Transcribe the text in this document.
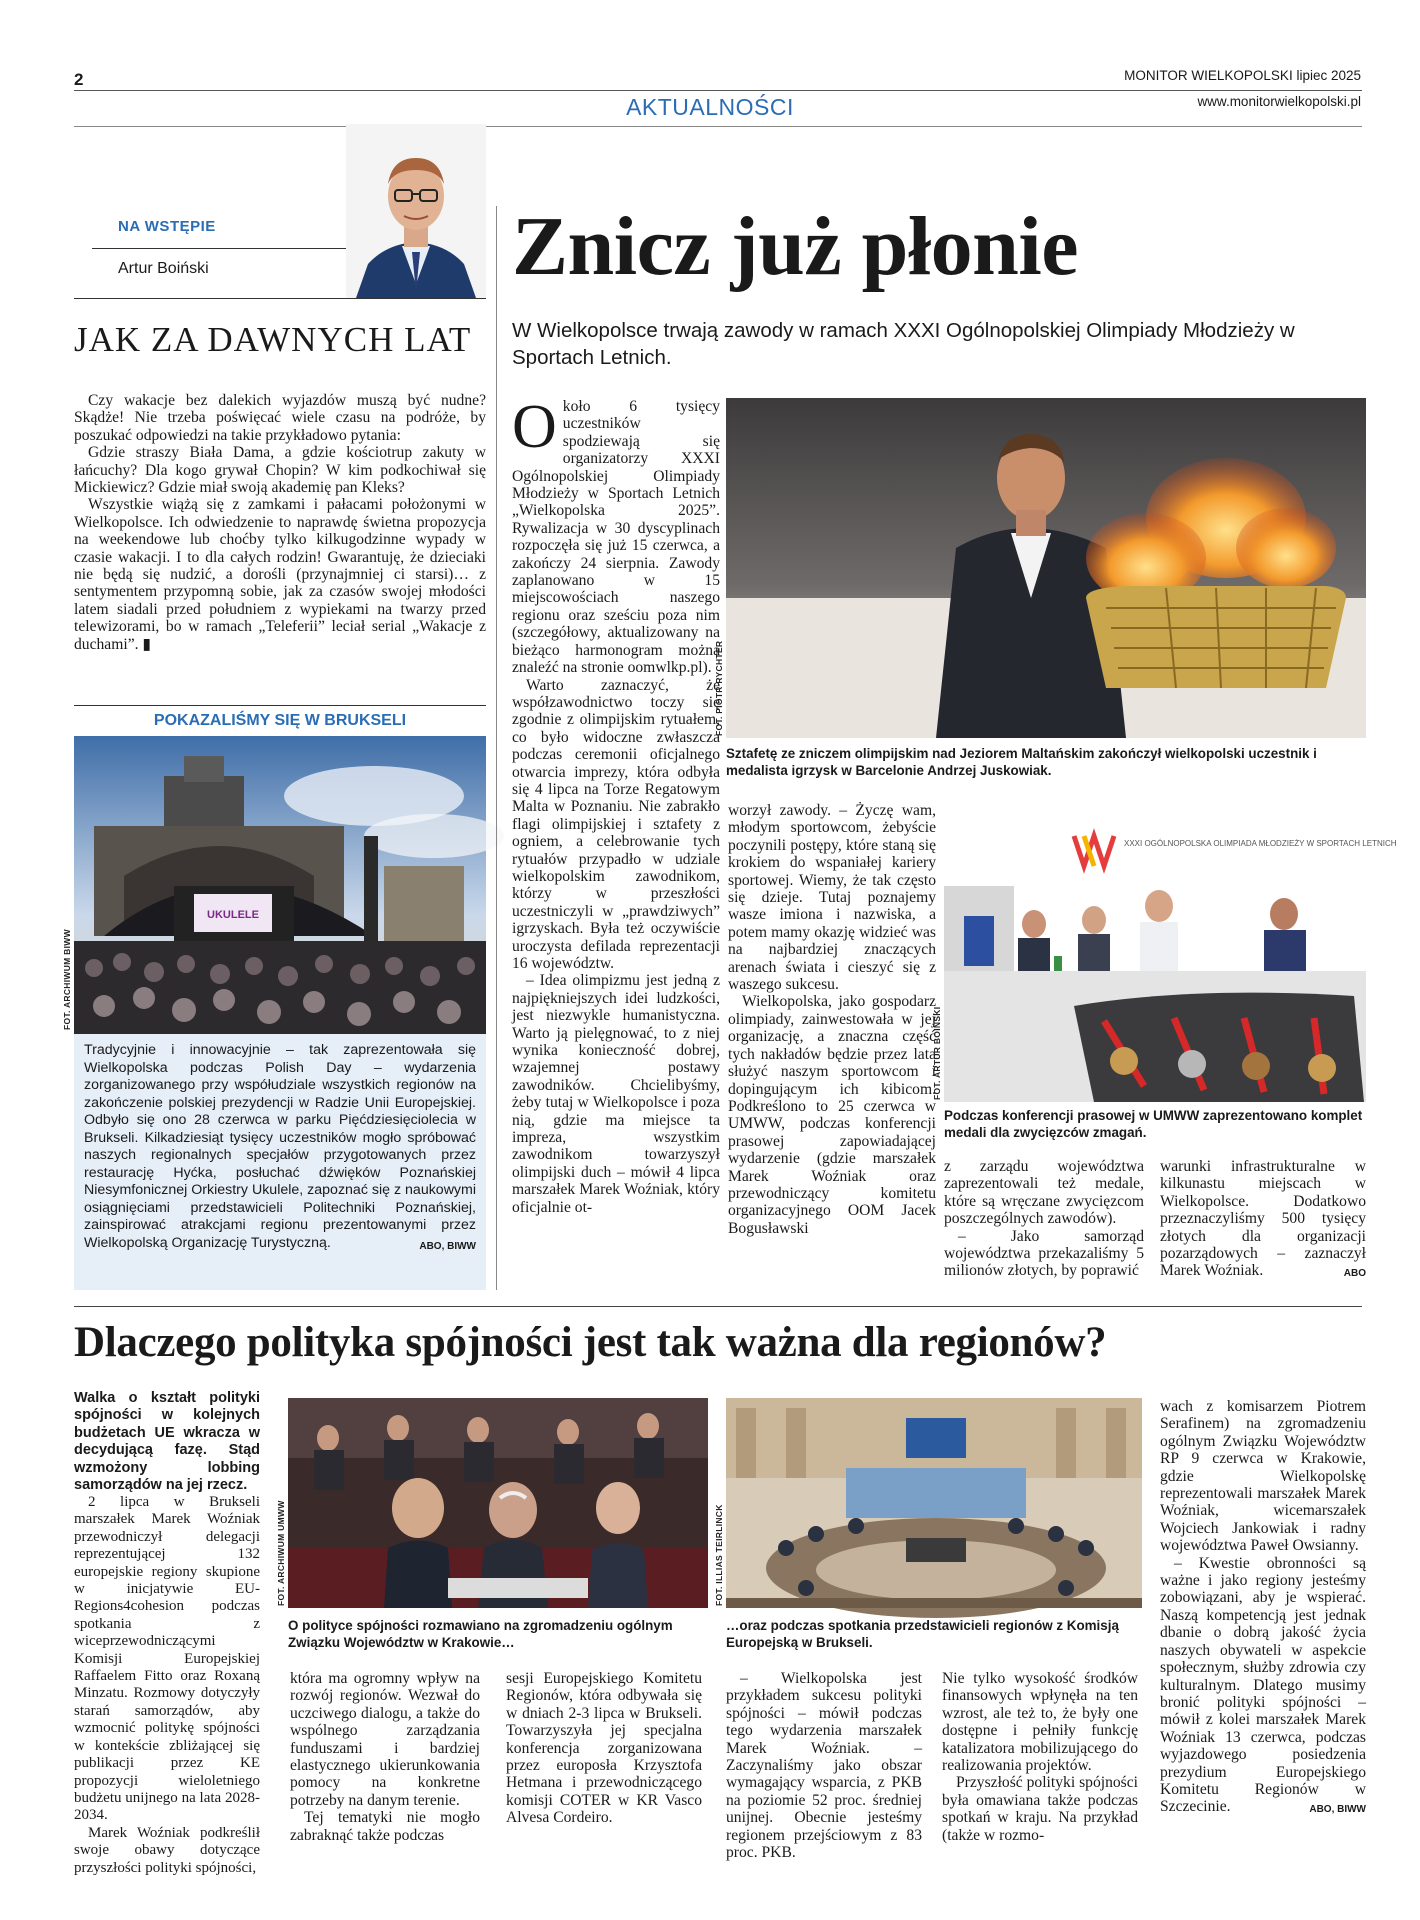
2	MONITOR WIELKOPOLSKI lipiec 2025
AKTUALNOŚCI	www.monitorwielkopolski.pl
NA WSTĘPIE
Artur Boiński
JAK ZA DAWNYCH LAT

Czy wakacje bez dalekich wyjazdów muszą być nudne? Skądże! Nie trzeba poświęcać wiele czasu na podróże, by poszukać odpowiedzi na takie przykładowo pytania:

Gdzie straszy Biała Dama, a gdzie kościotrup zakuty w łańcuchy? Dla kogo grywał Chopin? W kim podkochiwał się Mickiewicz? Gdzie miał swoją akademię pan Kleks?

Wszystkie wiążą się z zamkami i pałacami położonymi w Wielkopolsce. Ich odwiedzenie to naprawdę świetna propozycja na weekendowe lub choćby tylko kilkugodzinne wypady w czasie wakacji. I to dla całych rodzin! Gwarantuję, że dzieciaki nie będą się nudzić, a dorośli (przynajmniej ci starsi)… z sentymentem przypomną sobie, jak za czasów swojej młodości latem siadali przed południem z wypiekami na twarzy przed telewizorami, bo w ramach „Teleferii” leciał serial „Wakacje z duchami”. ▮

POKAZALIŚMY SIĘ W BRUKSELI
UKULELE
FOT. ARCHIWUM BIWW
Tradycyjnie i innowacyjnie – tak zaprezentowała się Wielkopolska podczas Polish Day – wydarzenia zorganizowanego przy współudziale wszystkich regionów na zakończenie polskiej prezydencji w Radzie Unii Europejskiej. Odbyło się ono 28 czerwca w parku Pięćdziesięciolecia w Brukseli. Kilkadziesiąt tysięcy uczestników mogło spróbować naszych regionalnych specjałów przygotowanych przez restaurację Hyćka, posłuchać dźwięków Poznańskiej Niesymfonicznej Orkiestry Ukulele, zapoznać się z naukowymi osiągnięciami przedstawicieli Politechniki Poznańskiej, zainspirować atrakcjami regionu prezentowanymi przez Wielkopolską Organizację Turystyczną.	ABO, BIWW
Znicz już płonie
W Wielkopolsce trwają zawody w ramach XXXI Ogólnopolskiej Olimpiady Młodzieży w Sportach Letnich.

Około 6 tysięcy uczestników spodziewają się organizatorzy XXXI Ogólnopolskiej Olimpiady Młodzieży w Sportach Letnich „Wielkopolska 2025”. Rywalizacja w 30 dyscyplinach rozpoczęła się już 15 czerwca, a zakończy 24 sierpnia. Zawody zaplanowano w 15 miejscowościach naszego regionu oraz sześciu poza nim (szczegółowy, aktualizowany na bieżąco harmonogram można znaleźć na stronie oomwlkp.pl).

Warto zaznaczyć, że współzawodnictwo toczy się zgodnie z olimpijskim rytuałem, co było widoczne zwłaszcza podczas ceremonii oficjalnego otwarcia imprezy, która odbyła się 4 lipca na Torze Regatowym Malta w Poznaniu. Nie zabrakło flagi olimpijskiej i sztafety z ogniem, a celebrowanie tych rytuałów przypadło w udziale wielkopolskim zawodnikom, którzy w przeszłości uczestniczyli w „prawdziwych” igrzyskach. Była też oczywiście uroczysta defilada reprezentacji 16 województw.

– Idea olimpizmu jest jedną z najpiękniejszych idei ludzkości, jest niezwykle humanistyczna. Warto ją pielęgnować, to z niej wynika konieczność dobrej, wzajemnej postawy zawodników. Chcielibyśmy, żeby tutaj w Wielkopolsce i poza nią, gdzie ma miejsce ta impreza, wszystkim zawodnikom towarzyszył olimpijski duch – mówił 4 lipca marszałek Marek Woźniak, który oficjalnie ot-

FOT. PIOTR RYCHTER
Sztafetę ze zniczem olimpijskim nad Jeziorem Maltańskim zakończył wielkopolski uczestnik i medalista igrzysk w Barcelonie Andrzej Juskowiak.

worzył zawody. – Życzę wam, młodym sportowcom, żebyście poczynili postępy, które staną się krokiem do wspaniałej kariery sportowej. Wiemy, że tak często się dzieje. Tutaj poznajemy wasze imiona i nazwiska, a potem mamy okazję widzieć was na najbardziej znaczących arenach świata i cieszyć się z waszego sukcesu.

Wielkopolska, jako gospodarz olimpiady, zainwestowała w jej organizację, a znaczna część tych nakładów będzie przez lata służyć naszym sportowcom i dopingującym ich kibicom. Podkreślono to 25 czerwca w UMWW, podczas konferencji prasowej zapowiadającej wydarzenie (gdzie marszałek Marek Woźniak oraz przewodniczący komitetu organizacyjnego OOM Jacek Bogusławski

XXXI OGÓLNOPOLSKA OLIMPIADA MŁODZIEŻY W SPORTACH LETNICH
FOT. ARTUR BOIŃSKI
Podczas konferencji prasowej w UMWW zaprezentowano komplet medali dla zwycięzców zmagań.

z zarządu województwa zaprezentowali też medale, które są wręczane zwycięzcom poszczególnych zawodów).

– Jako samorząd województwa przekazaliśmy 5 milionów złotych, by poprawić

warunki infrastrukturalne w kilkunastu miejscach w Wielkopolsce. Dodatkowo przeznaczyliśmy 500 tysięcy złotych dla organizacji pozarządowych – zaznaczył Marek Woźniak.	ABO

Dlaczego polityka spójności jest tak ważna dla regionów?
Walka o kształt polityki spójności w kolejnych budżetach UE wkracza w decydującą fazę. Stąd wzmożony lobbing samorządów na jej rzecz.

2 lipca w Brukseli marszałek Marek Woźniak przewodniczył delegacji reprezentującej 132 europejskie regiony skupione w inicjatywie EU-Regions4cohesion podczas spotkania z wiceprzewodniczącymi Komisji Europejskiej Raffaelem Fitto oraz Roxaną Minzatu. Rozmowy dotyczyły starań samorządów, aby wzmocnić politykę spójności w kontekście zbliżającej się publikacji przez KE propozycji wieloletniego budżetu unijnego na lata 2028-2034.

Marek Woźniak podkreślił swoje obawy dotyczące przyszłości polityki spójności,

FOT. ARCHIWUM UMWW
O polityce spójności rozmawiano na zgromadzeniu ogólnym Związku Województw w Krakowie…
FOT. ILLIAS TEIRLINCK
…oraz podczas spotkania przedstawicieli regionów z Komisją Europejską w Brukseli.

która ma ogromny wpływ na rozwój regionów. Wezwał do uczciwego dialogu, a także do wspólnego zarządzania funduszami i bardziej elastycznego ukierunkowania pomocy na konkretne potrzeby na danym terenie.

Tej tematyki nie mogło zabraknąć także podczas

sesji Europejskiego Komitetu Regionów, która odbywała się w dniach 2-3 lipca w Brukseli. Towarzyszyła jej specjalna konferencja zorganizowana przez europosła Krzysztofa Hetmana i przewodniczącego komisji COTER w KR Vasco Alvesa Cordeiro.

– Wielkopolska jest przykładem sukcesu polityki spójności – mówił podczas tego wydarzenia marszałek Marek Woźniak. – Zaczynaliśmy jako obszar wymagający wsparcia, z PKB na poziomie 52 proc. średniej unijnej. Obecnie jesteśmy regionem przejściowym z 83 proc. PKB.

Nie tylko wysokość środków finansowych wpłynęła na ten wzrost, ale też to, że były one dostępne i pełniły funkcję katalizatora mobilizującego do realizowania projektów.

Przyszłość polityki spójności była omawiana także podczas spotkań w kraju. Na przykład (także w rozmo-

wach z komisarzem Piotrem Serafinem) na zgromadzeniu ogólnym Związku Województw RP 9 czerwca w Krakowie, gdzie Wielkopolskę reprezentowali marszałek Marek Woźniak, wicemarszałek Wojciech Jankowiak i radny województwa Paweł Owsianny.

– Kwestie obronności są ważne i jako regiony jesteśmy zobowiązani, aby je wspierać. Naszą kompetencją jest jednak dbanie o dobrą jakość życia naszych obywateli w aspekcie społecznym, służby zdrowia czy kulturalnym. Dlatego musimy bronić polityki spójności – mówił z kolei marszałek Marek Woźniak 13 czerwca, podczas wyjazdowego posiedzenia prezydium Europejskiego Komitetu Regionów w Szczecinie.	ABO, BIWW
